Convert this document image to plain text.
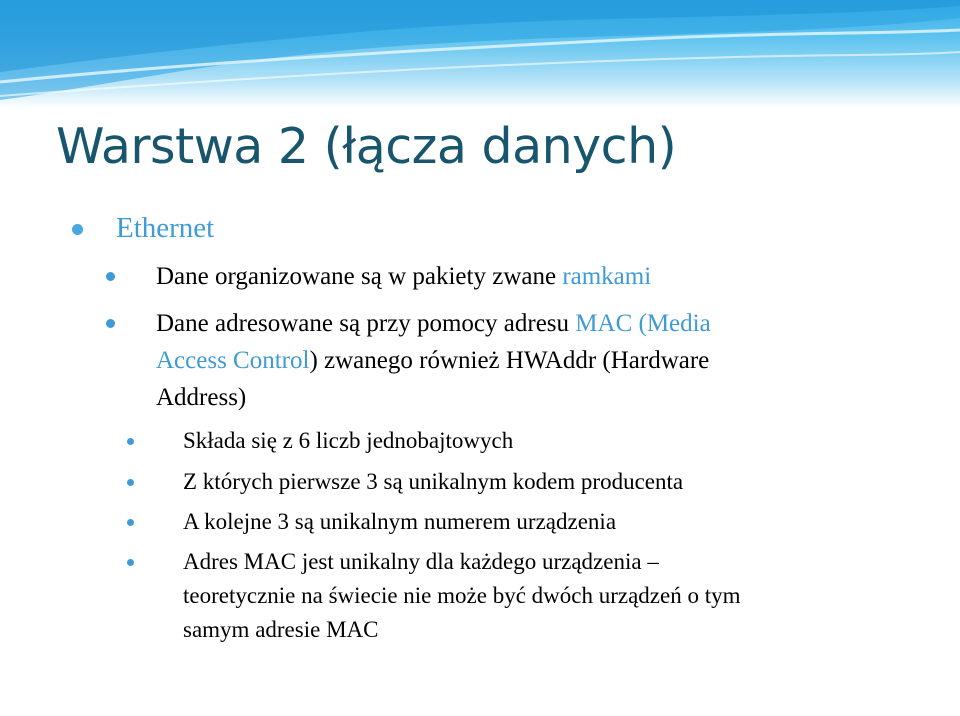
Warstwa 2 (łącza danych)
Ethernet
Dane organizowane są w pakiety zwane ramkami
Dane adresowane są przy pomocy adresu MAC (Media
Access Control) zwanego również HWAddr (Hardware
Address)
Składa się z 6 liczb jednobajtowych
Z których pierwsze 3 są unikalnym kodem producenta
A kolejne 3 są unikalnym numerem urządzenia
Adres MAC jest unikalny dla każdego urządzenia –
teoretycznie na świecie nie może być dwóch urządzeń o tym
samym adresie MAC
